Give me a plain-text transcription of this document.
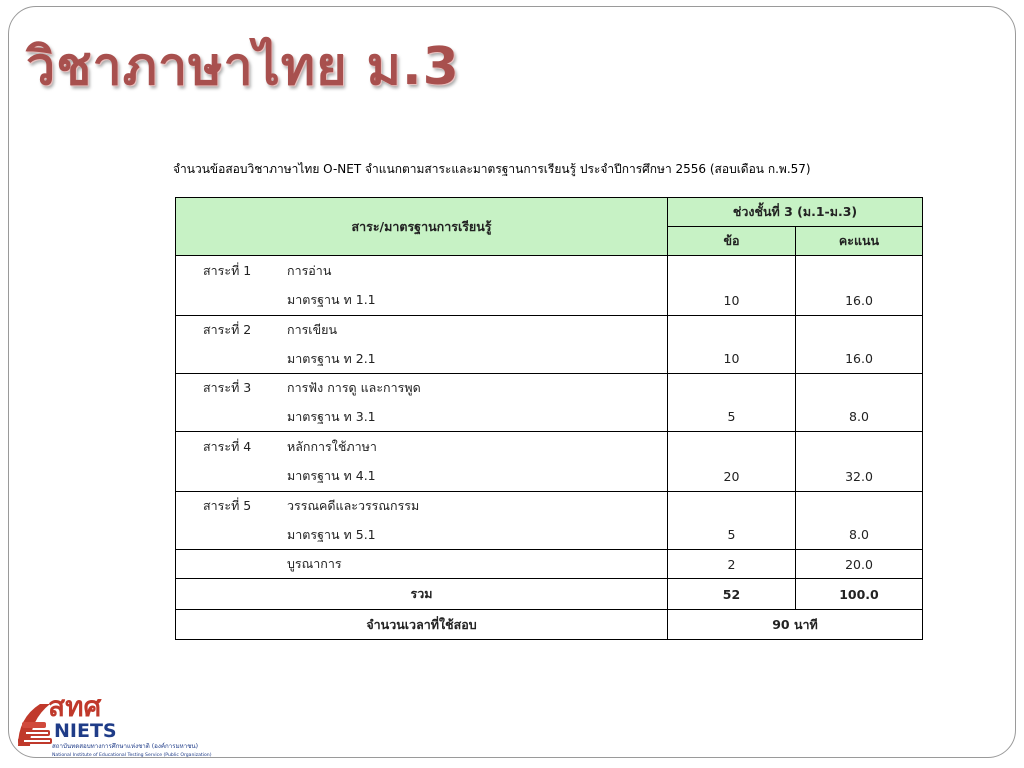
วิชาภาษาไทย ม.3
จำนวนข้อสอบวิชาภาษาไทย O-NET จำแนกตามสาระและมาตรฐานการเรียนรู้ ประจำปีการศึกษา 2556 (สอบเดือน ก.พ.57)
สาระ/มาตรฐานการเรียนรู้	ช่วงชั้นที่ 3 (ม.1-ม.3)	
	ข้อ	คะแนน
สาระที่ 1 การอ่าน		
มาตรฐาน ท 1.1	10	16.0
สาระที่ 2 การเขียน		
มาตรฐาน ท 2.1	10	16.0
สาระที่ 3 การฟัง การดู และการพูด		
มาตรฐาน ท 3.1	5	8.0
สาระที่ 4 หลักการใช้ภาษา		
มาตรฐาน ท 4.1	20	32.0
สาระที่ 5 วรรณคดีและวรรณกรรม		
มาตรฐาน ท 5.1	5	8.0
บูรณาการ	2	20.0
รวม	52	100.0
จำนวนเวลาที่ใช้สอบ	90 นาที	
สทศ
NIETS
สถาบันทดสอบทางการศึกษาแห่งชาติ (องค์การมหาชน)
National Institute of Educational Testing Service (Public Organization)
